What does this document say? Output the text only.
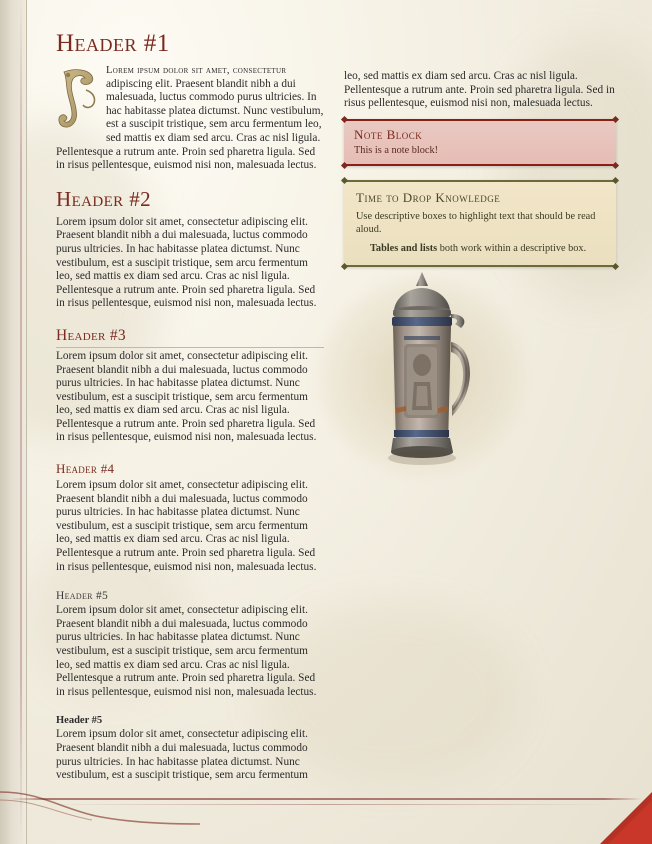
Header #1

Lorem ipsum dolor sit amet, consectetur adipiscing elit. Praesent blandit nibh a dui malesuada, luctus commodo purus ultricies. In hac habitasse platea dictumst. Nunc vestibulum, est a suscipit tristique, sem arcu fermentum leo, sed mattis ex diam sed arcu. Cras ac nisl ligula. Pellentesque a rutrum ante. Proin sed pharetra ligula. Sed in risus pellentesque, euismod nisi non, malesuada lectus.

Header #2

Lorem ipsum dolor sit amet, consectetur adipiscing elit. Praesent blandit nibh a dui malesuada, luctus commodo purus ultricies. In hac habitasse platea dictumst. Nunc vestibulum, est a suscipit tristique, sem arcu fermentum leo, sed mattis ex diam sed arcu. Cras ac nisl ligula. Pellentesque a rutrum ante. Proin sed pharetra ligula. Sed in risus pellentesque, euismod nisi non, malesuada lectus.

Header #3

Lorem ipsum dolor sit amet, consectetur adipiscing elit. Praesent blandit nibh a dui malesuada, luctus commodo purus ultricies. In hac habitasse platea dictumst. Nunc vestibulum, est a suscipit tristique, sem arcu fermentum leo, sed mattis ex diam sed arcu. Cras ac nisl ligula. Pellentesque a rutrum ante. Proin sed pharetra ligula. Sed in risus pellentesque, euismod nisi non, malesuada lectus.

Header #4

Lorem ipsum dolor sit amet, consectetur adipiscing elit. Praesent blandit nibh a dui malesuada, luctus commodo purus ultricies. In hac habitasse platea dictumst. Nunc vestibulum, est a suscipit tristique, sem arcu fermentum leo, sed mattis ex diam sed arcu. Cras ac nisl ligula. Pellentesque a rutrum ante. Proin sed pharetra ligula. Sed in risus pellentesque, euismod nisi non, malesuada lectus.

Header #5

Lorem ipsum dolor sit amet, consectetur adipiscing elit. Praesent blandit nibh a dui malesuada, luctus commodo purus ultricies. In hac habitasse platea dictumst. Nunc vestibulum, est a suscipit tristique, sem arcu fermentum leo, sed mattis ex diam sed arcu. Cras ac nisl ligula. Pellentesque a rutrum ante. Proin sed pharetra ligula. Sed in risus pellentesque, euismod nisi non, malesuada lectus.

Header #5

Lorem ipsum dolor sit amet, consectetur adipiscing elit. Praesent blandit nibh a dui malesuada, luctus commodo purus ultricies. In hac habitasse platea dictumst. Nunc vestibulum, est a suscipit tristique, sem arcu fermentum

leo, sed mattis ex diam sed arcu. Cras ac nisl ligula. Pellentesque a rutrum ante. Proin sed pharetra ligula. Sed in risus pellentesque, euismod nisi non, malesuada lectus.

Note Block
This is a note block!
Time to Drop Knowledge
Use descriptive boxes to highlight text that should be read aloud.
Tables and lists both work within a descriptive box.
